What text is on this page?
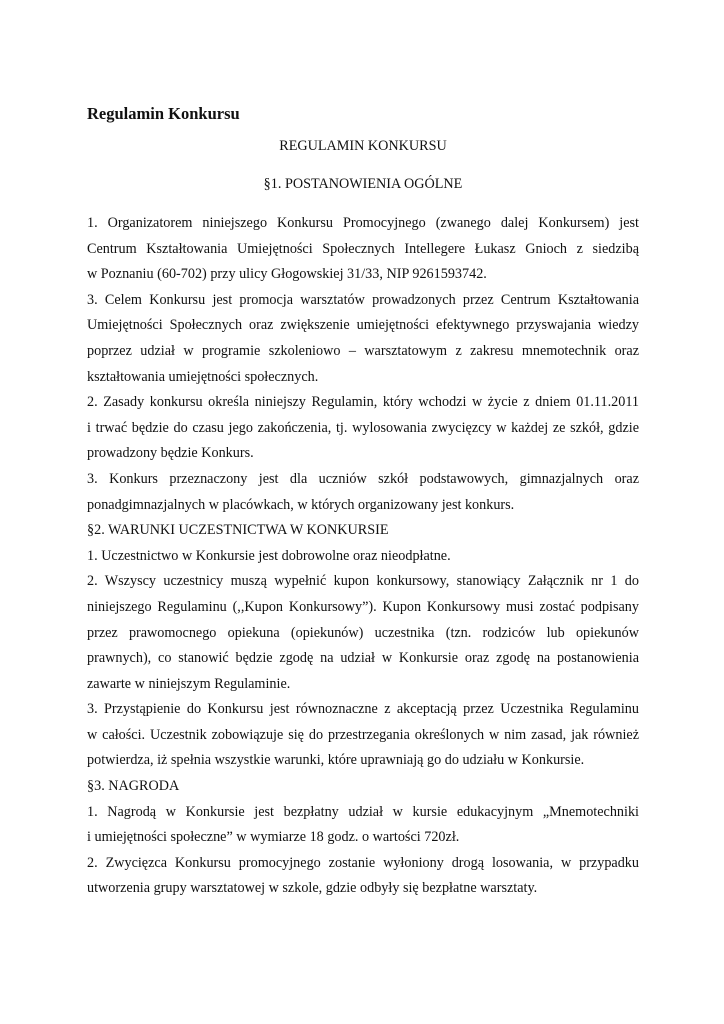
Regulamin Konkursu
REGULAMIN KONKURSU
§1. POSTANOWIENIA OGÓLNE
1. Organizatorem niniejszego Konkursu Promocyjnego (zwanego dalej Konkursem) jest
Centrum Kształtowania Umiejętności Społecznych Intellegere Łukasz Gnioch z siedzibą
w Poznaniu (60-702) przy ulicy Głogowskiej 31/33, NIP 9261593742.
3. Celem Konkursu jest promocja warsztatów prowadzonych przez Centrum Kształtowania
Umiejętności Społecznych oraz zwiększenie umiejętności efektywnego przyswajania wiedzy
poprzez udział w programie szkoleniowo – warsztatowym z zakresu mnemotechnik oraz
kształtowania umiejętności społecznych.
2. Zasady konkursu określa niniejszy Regulamin, który wchodzi w życie z dniem 01.11.2011
i trwać będzie do czasu jego zakończenia, tj. wylosowania zwycięzcy w każdej ze szkół, gdzie
prowadzony będzie Konkurs.
3. Konkurs przeznaczony jest dla uczniów szkół podstawowych, gimnazjalnych oraz
ponadgimnazjalnych w placówkach, w których organizowany jest konkurs.
§2. WARUNKI UCZESTNICTWA W KONKURSIE
1. Uczestnictwo w Konkursie jest dobrowolne oraz nieodpłatne.
2. Wszyscy uczestnicy muszą wypełnić kupon konkursowy, stanowiący Załącznik nr 1 do
niniejszego Regulaminu (,,Kupon Konkursowy”). Kupon Konkursowy musi zostać podpisany
przez prawomocnego opiekuna (opiekunów) uczestnika (tzn. rodziców lub opiekunów
prawnych), co stanowić będzie zgodę na udział w Konkursie oraz zgodę na postanowienia
zawarte w niniejszym Regulaminie.
3. Przystąpienie do Konkursu jest równoznaczne z akceptacją przez Uczestnika Regulaminu
w całości. Uczestnik zobowiązuje się do przestrzegania określonych w nim zasad, jak również
potwierdza, iż spełnia wszystkie warunki, które uprawniają go do udziału w Konkursie.
§3. NAGRODA
1. Nagrodą w Konkursie jest bezpłatny udział w kursie edukacyjnym „Mnemotechniki
i umiejętności społeczne” w wymiarze 18 godz. o wartości 720zł.
2. Zwycięzca Konkursu promocyjnego zostanie wyłoniony drogą losowania, w przypadku
utworzenia grupy warsztatowej w szkole, gdzie odbyły się bezpłatne warsztaty.
